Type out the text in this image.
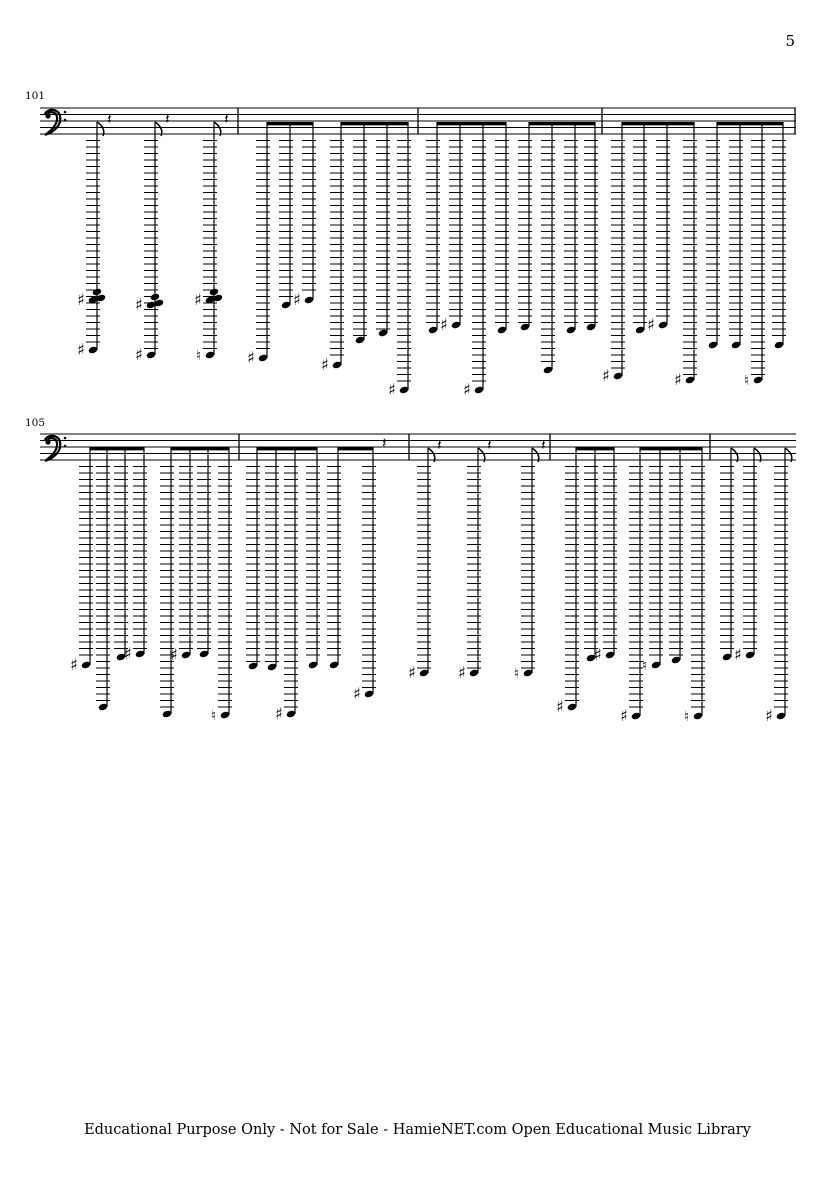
5
101
105
♯
♯
𝄽
♯
♯
𝄽
♮
♯
𝄽
♯
♯
♯
♯
♯
♯
♯
♯
♯	♮
♯
♯ ♯
♮	♯
♯
𝄽
♯
𝄽
♯
𝄽
♮
𝄽
♯
♯
♯
♮
♮
♯
♯
Educational Purpose Only - Not for Sale - HamieNET.com Open Educational Music Library
